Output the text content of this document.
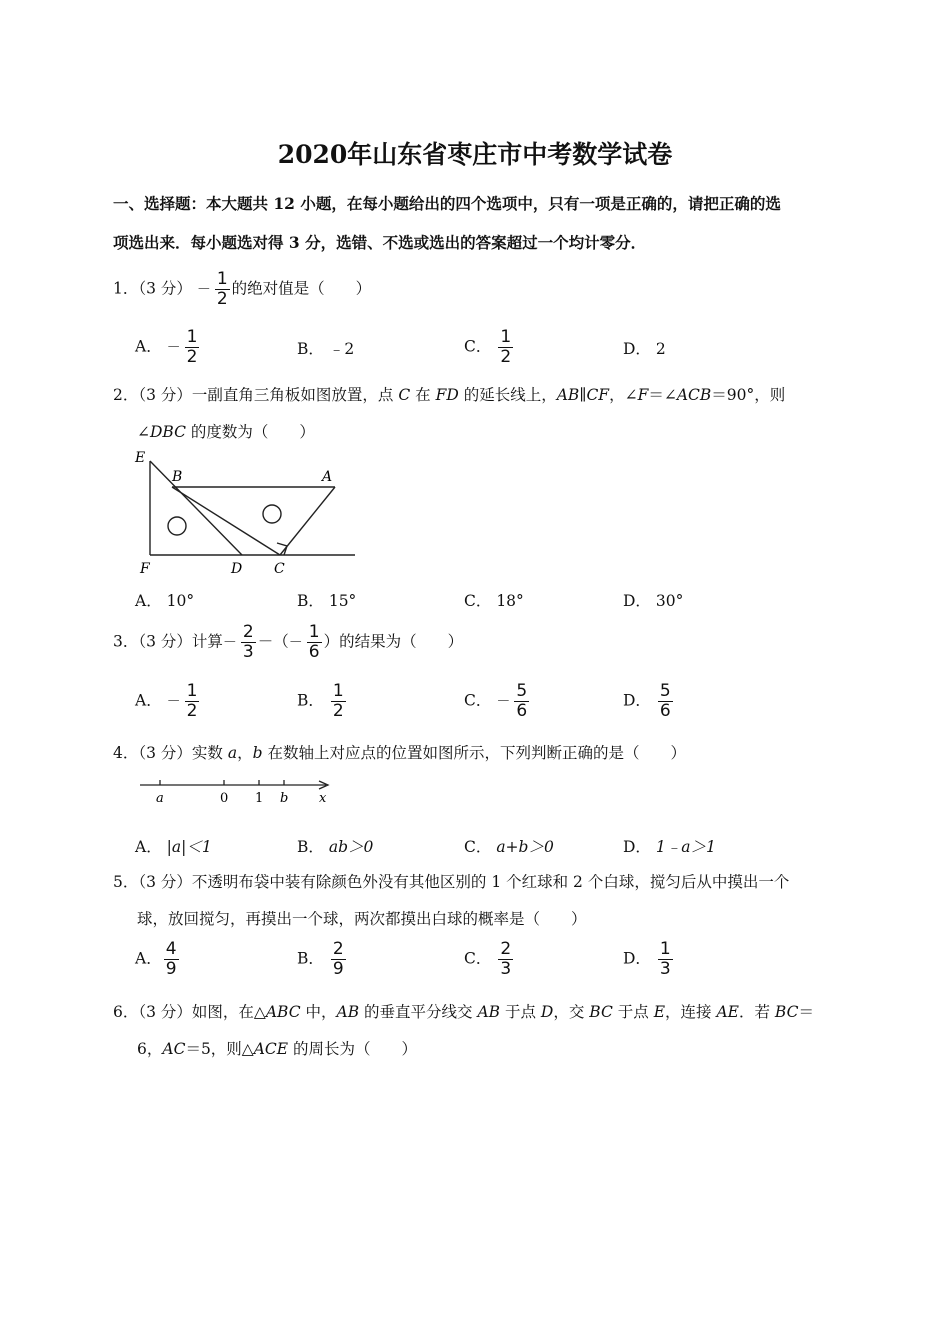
2020年山东省枣庄市中考数学试卷
一、选择题：本大题共 12 小题，在每小题给出的四个选项中，只有一项是正确的，请把正确的选
项选出来．每小题选对得 3 分，选错、不选或选出的答案超过一个均计零分．
1．（3 分） － $\frac{1}{2}$ 的绝对值是（　　）
A． － $\frac{1}{2}$	B． ﹣2	C． $\frac{1}{2}$	D． 2
2．（3 分）一副直角三角板如图放置，点 C 在 FD 的延长线上，AB∥CF，∠F＝∠ACB＝90°，则
∠DBC 的度数为（　　）
E
B	A
F	D C
A． 10°	B． 15°	C． 18°	D． 30°
3．（3 分）计算－ $\frac{2}{3}$ －（－ $\frac{1}{6}$ ）的结果为（　　）
A． － $\frac{1}{2}$	B． $\frac{1}{2}$	C． － $\frac{5}{6}$	D． $\frac{5}{6}$
4．（3 分）实数 a，b 在数轴上对应点的位置如图所示，下列判断正确的是（　　）
a	0 1 b x
A． |a|＜1	B． ab＞0	C． a+b＞0	D． 1﹣a＞1
5．（3 分）不透明布袋中装有除颜色外没有其他区别的 1 个红球和 2 个白球，搅匀后从中摸出一个
球，放回搅匀，再摸出一个球，两次都摸出白球的概率是（　　）
A． $\frac{4}{9}$	B． $\frac{2}{9}$	C． $\frac{2}{3}$	D． $\frac{1}{3}$
6．（3 分）如图，在△ABC 中，AB 的垂直平分线交 AB 于点 D，交 BC 于点 E，连接 AE．若 BC＝
6，AC＝5，则△ACE 的周长为（　　）
